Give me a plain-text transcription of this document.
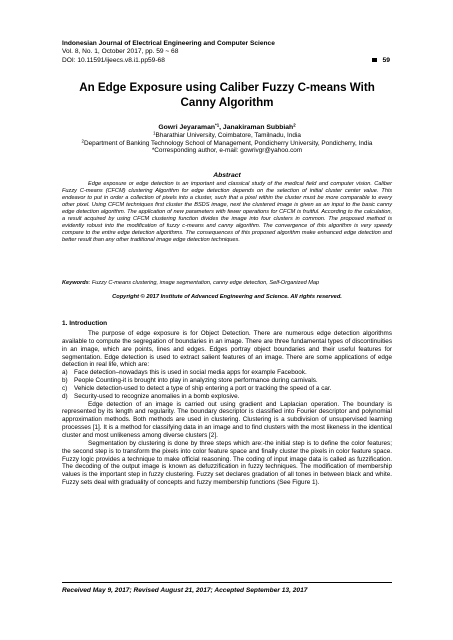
Indonesian Journal of Electrical Engineering and Computer Science
Vol. 8, No. 1, October 2017, pp. 59 ~ 68
DOI: 10.11591/ijeecs.v8.i1.pp59-68	59
An Edge Exposure using Caliber Fuzzy C-means With
Canny Algorithm
Gowri Jeyaraman$^{*1}$, Janakiraman Subbiah$^2$
$^1$Bharathiar University, Coimbatore, Tamilnadu, India
$^2$Department of Banking Technology School of Management, Pondicherry University, Pondicherry, India
*Corresponding author, e-mail: gowrivgr@yahoo.com
Abstract

Edge exposure or edge detection is an important and classical study of the medical field and computer vision. Caliber Fuzzy C-means (CFCM) clustering Algorithm for edge detection depends on the selection of initial cluster center value. This endeavor to put in order a collection of pixels into a cluster, such that a pixel within the cluster must be more comparable to every other pixel. Using CFCM techniques first cluster the BSDS image, next the clustered image is given as an input to the basic canny edge detection algorithm. The application of new parameters with fewer operations for CFCM is fruitful. According to the calculation, a result acquired by using CFCM clustering function divides the image into four clusters in common. The proposed method is evidently robust into the modification of fuzzy c-means and canny algorithm. The convergence of this algorithm is very speedy compare to the entire edge detection algorithms. The consequences of this proposed algorithm make enhanced edge detection and better result than any other traditional image edge detection techniques.

Keywords: Fuzzy C-means clustering, image segmentation, canny edge detection, Self-Organized Map
Copyright © 2017 Institute of Advanced Engineering and Science. All rights reserved.
1. Introduction

The purpose of edge exposure is for Object Detection. There are numerous edge detection algorithms available to compute the segregation of boundaries in an image. There are three fundamental types of discontinuities in an image, which are points, lines and edges. Edges portray object boundaries and their useful features for segmentation. Edge detection is used to extract salient features of an image. There are some applications of edge detection in real life, which are:

a) Face detection–nowadays this is used in social media apps for example Facebook.
b) People Counting-it is brought into play in analyzing store performance during carnivals.
c) Vehicle detection-used to detect a type of ship entering a port or tracking the speed of a car.
d) Security-used to recognize anomalies in a bomb explosive.

Edge detection of an image is carried out using gradient and Laplacian operation. The boundary is represented by its length and regularity. The boundary descriptor is classified into Fourier descriptor and polynomial approximation methods. Both methods are used in clustering. Clustering is a subdivision of unsupervised learning processes [1]. It is a method for classifying data in an image and to find clusters with the most likeness in the identical cluster and most unlikeness among diverse clusters [2].

Segmentation by clustering is done by three steps which are:-the initial step is to define the color features; the second step is to transform the pixels into color feature space and finally cluster the pixels in color feature space. Fuzzy logic provides a technique to make official reasoning. The coding of input image data is called as fuzzification. The decoding of the output image is known as defuzzification in fuzzy techniques. The modification of membership values is the important step in fuzzy clustering. Fuzzy set declares gradation of all tones in between black and white. Fuzzy sets deal with graduality of concepts and fuzzy membership functions (See Figure 1).

Received May 9, 2017; Revised August 21, 2017; Accepted September 13, 2017
